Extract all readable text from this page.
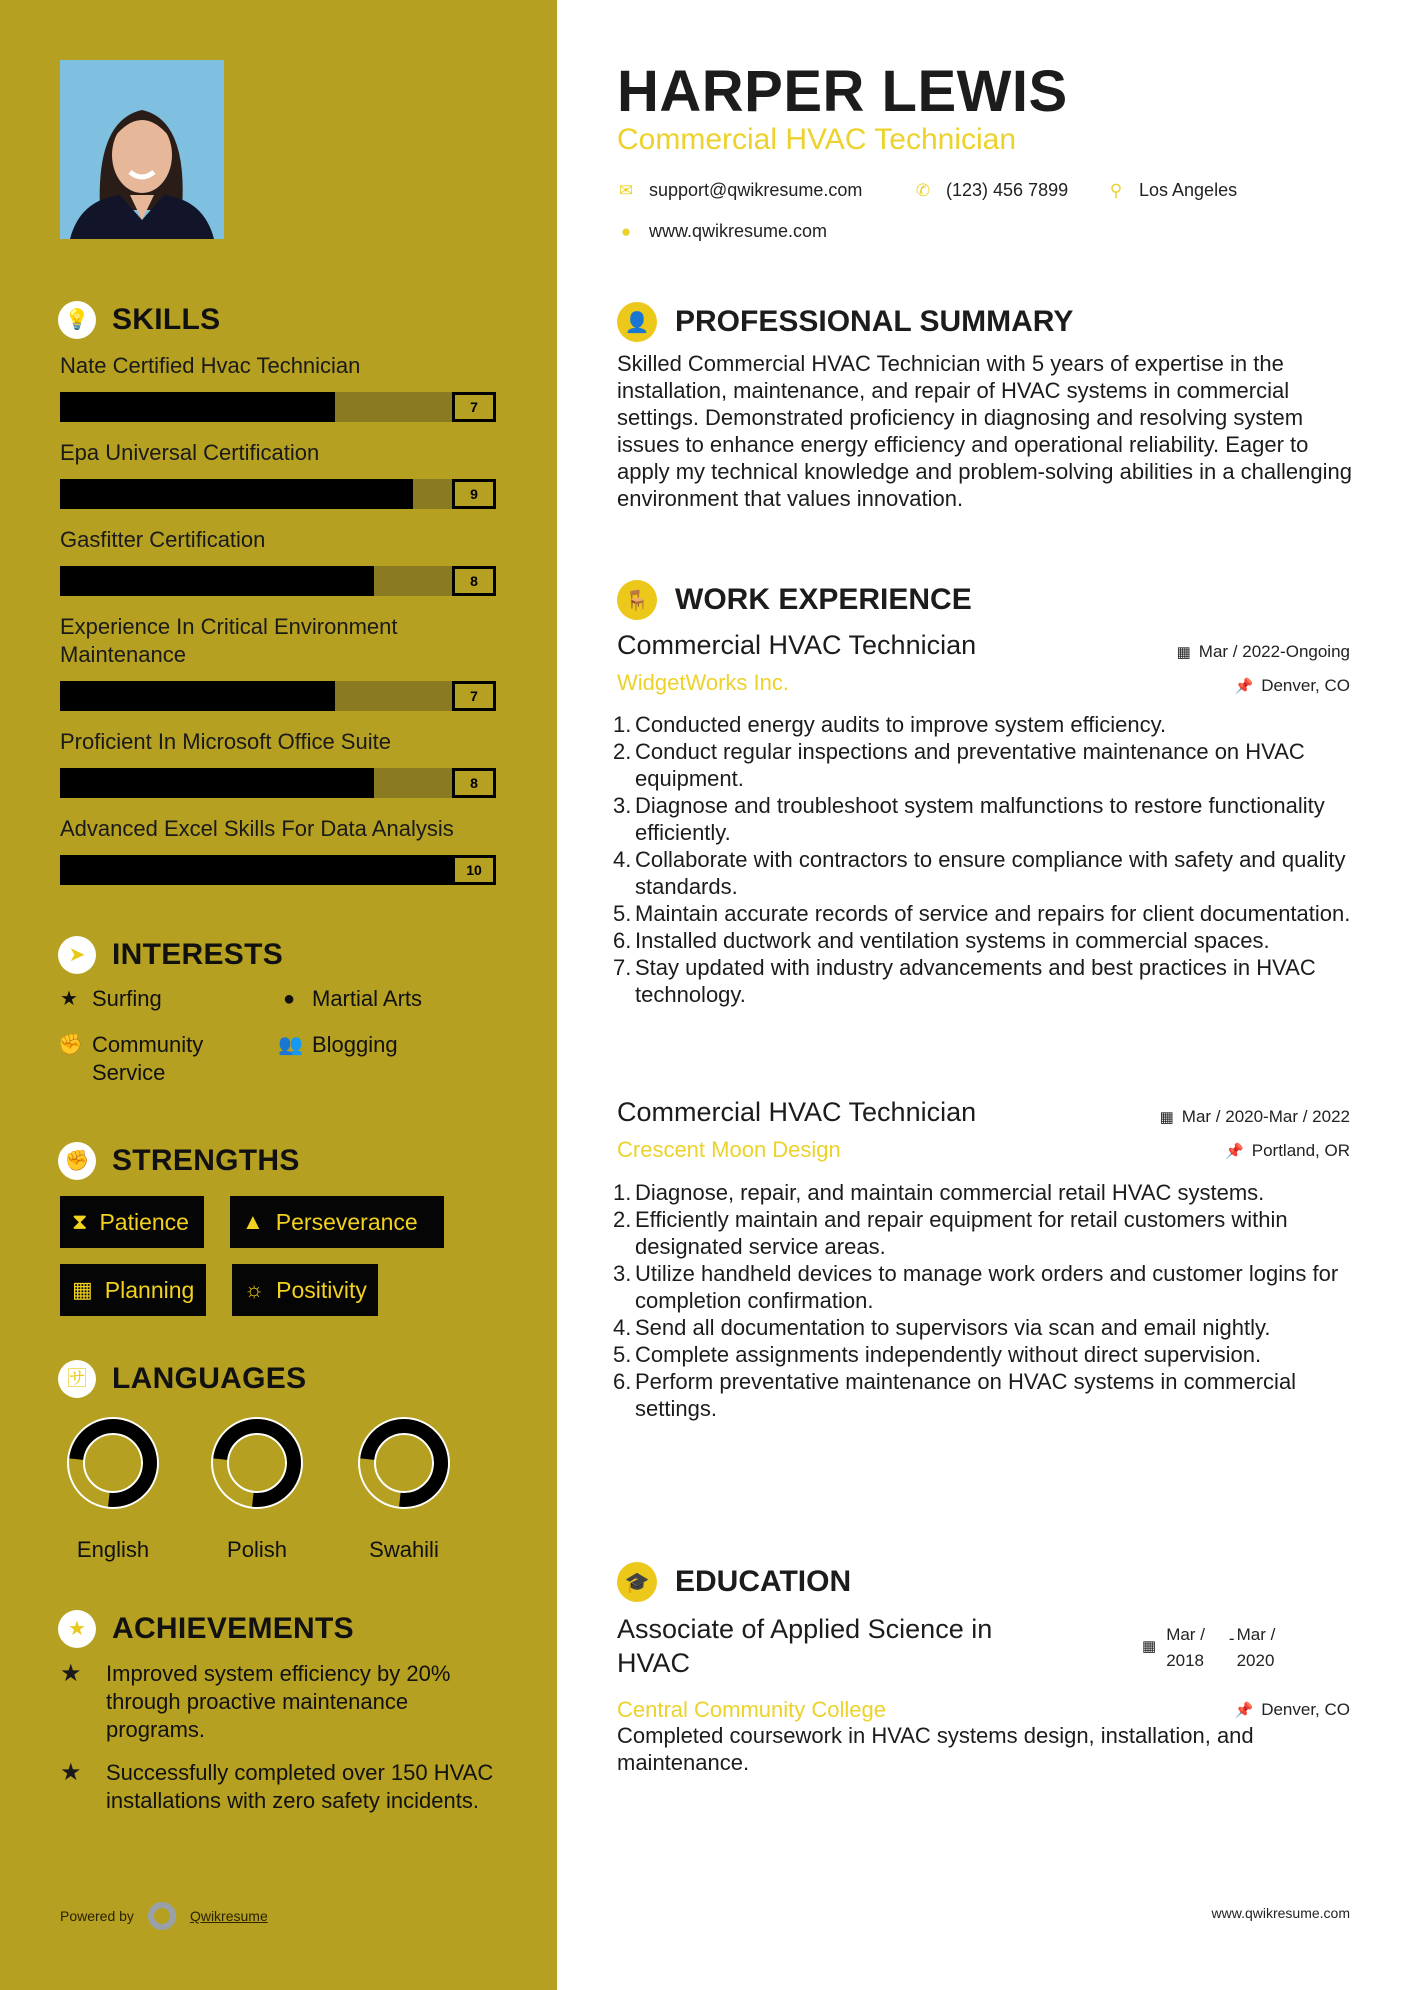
💡 SKILLS
Nate Certified Hvac Technician
7
Epa Universal Certification
9
Gasfitter Certification
8
Experience In Critical Environment Maintenance
7
Proficient In Microsoft Office Suite
8
Advanced Excel Skills For Data Analysis
10
➤ INTERESTS
★ Surfing	● Martial Arts
✊ Community Service
👥 Blogging
✊ STRENGTHS
⧗ Patience ▲ Perseverance
▦ Planning ☼ Positivity
🈂 LANGUAGES
English	Polish	Swahili
★ ACHIEVEMENTS
★	Improved system efficiency by 20% through proactive maintenance programs.
★	Successfully completed over 150 HVAC installations with zero safety incidents.
Powered by	Qwikresume
HARPER LEWIS
Commercial HVAC Technician
✉ support@qwikresume.com	✆ (123) 456 7899 ⚲ Los Angeles
● www.qwikresume.com
👤 PROFESSIONAL SUMMARY

Skilled Commercial HVAC Technician with 5 years of expertise in the installation, maintenance, and repair of HVAC systems in commercial settings. Demonstrated proficiency in diagnosing and resolving system issues to enhance energy efficiency and operational reliability. Eager to apply my technical knowledge and problem-solving abilities in a challenging environment that values innovation.

🪑 WORK EXPERIENCE
Commercial HVAC Technician	▦ Mar / 2022-Ongoing
WidgetWorks Inc.	📌 Denver, CO
1. Conducted energy audits to improve system efficiency.
2. Conduct regular inspections and preventative maintenance on HVAC equipment.
3. Diagnose and troubleshoot system malfunctions to restore functionality efficiently.
4. Collaborate with contractors to ensure compliance with safety and quality standards.
5. Maintain accurate records of service and repairs for client documentation.
6. Installed ductwork and ventilation systems in commercial spaces.
7. Stay updated with industry advancements and best practices in HVAC technology.
Commercial HVAC Technician	▦ Mar / 2020-Mar / 2022
Crescent Moon Design	📌 Portland, OR
1. Diagnose, repair, and maintain commercial retail HVAC systems.
2. Efficiently maintain and repair equipment for retail customers within designated service areas.
3. Utilize handheld devices to manage work orders and customer logins for completion confirmation.
4. Send all documentation to supervisors via scan and email nightly.
5. Complete assignments independently without direct supervision.
6. Perform preventative maintenance on HVAC systems in commercial settings.
🎓 EDUCATION
Associate of Applied Science in HVAC
▦
Mar /
2018
- Mar /
2020
Central Community College	📌 Denver, CO

Completed coursework in HVAC systems design, installation, and maintenance.

www.qwikresume.com
